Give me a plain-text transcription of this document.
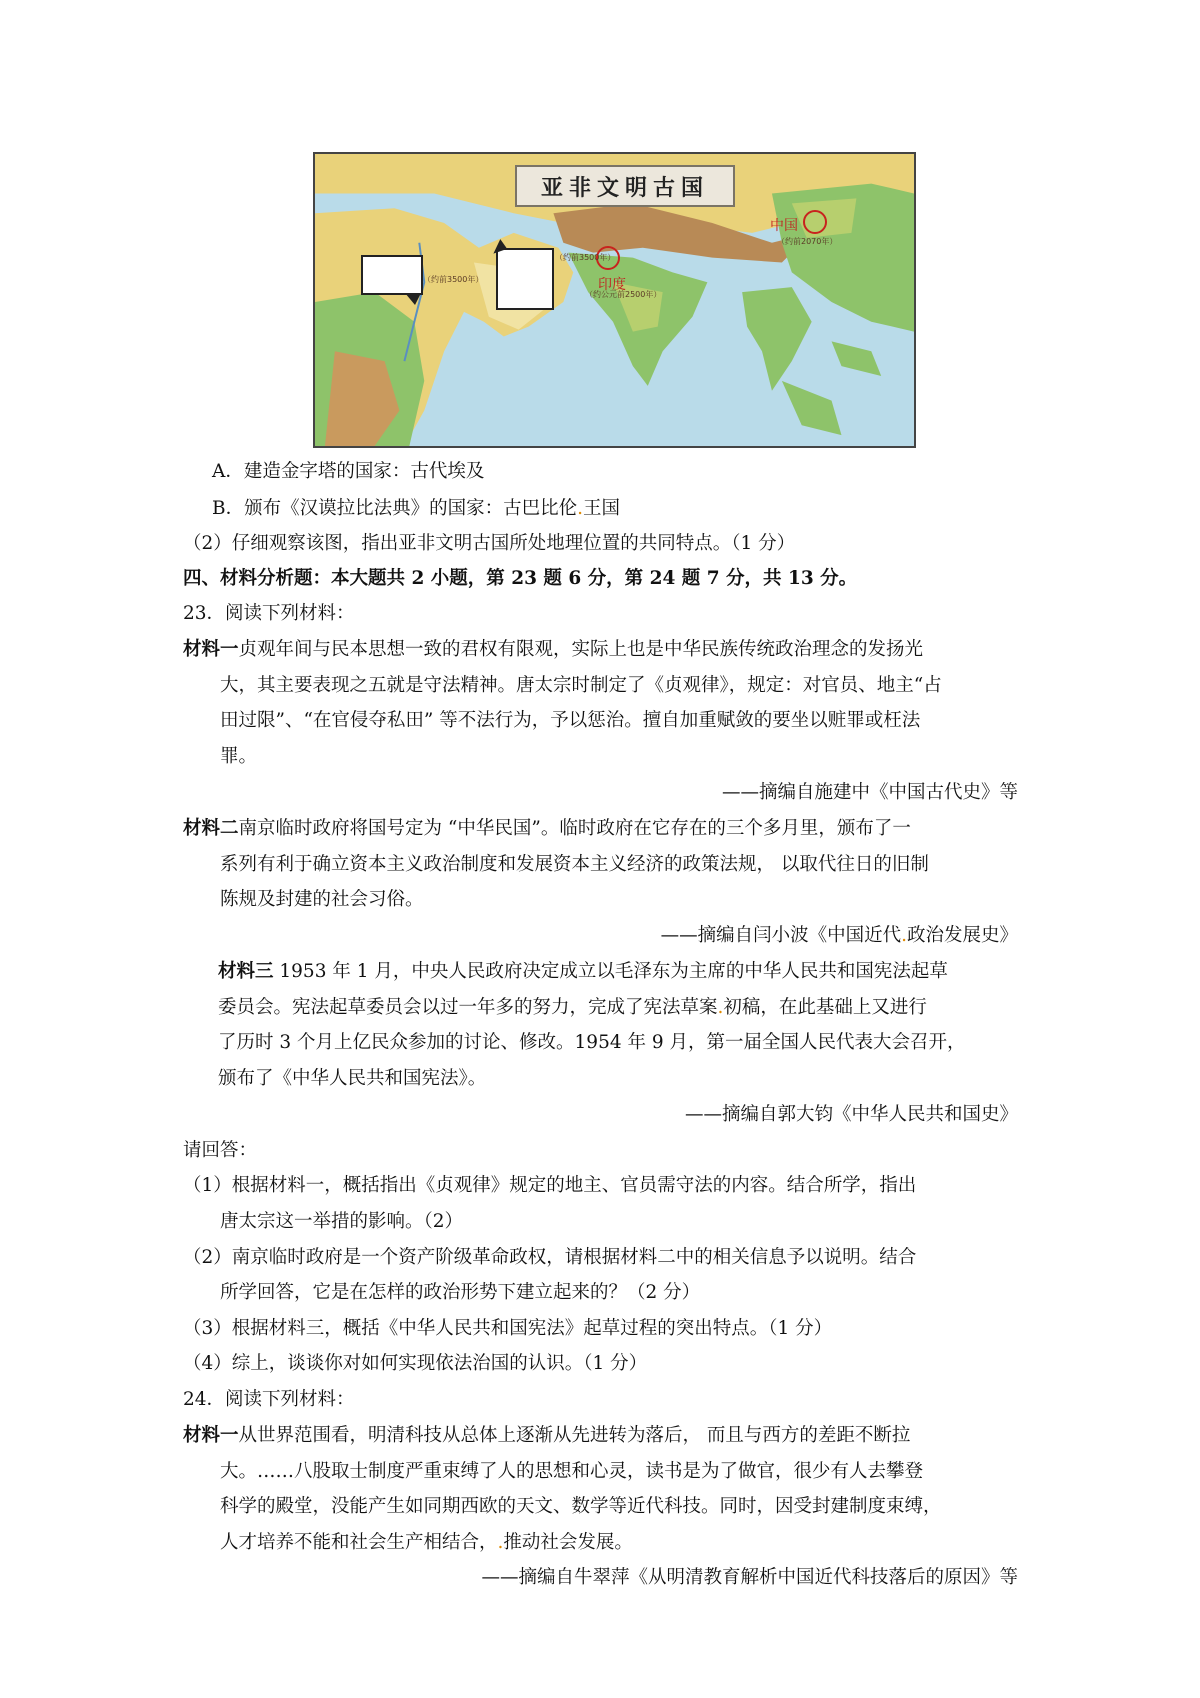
亚非文明古国
中国
印度
（约前2070年）
（约公元前2500年）
（约前3500年）
（约前3500年）
A．建造金字塔的国家：古代埃及
B．颁布《汉谟拉比法典》的国家：古巴比伦.王国
（2）仔细观察该图，指出亚非文明古国所处地理位置的共同特点。（1 分）
四、材料分析题：本大题共 2 小题，第 23 题 6 分，第 24 题 7 分，共 13 分。
23．阅读下列材料：
材料一贞观年间与民本思想一致的君权有限观，实际上也是中华民族传统政治理念的发扬光
大，其主要表现之五就是守法精神。唐太宗时制定了《贞观律》，规定：对官员、地主“占
田过限”、“在官侵夺私田” 等不法行为，予以惩治。擅自加重赋敛的要坐以赃罪或枉法
罪。
——摘编自施建中《中国古代史》等
材料二南京临时政府将国号定为 “中华民国”。临时政府在它存在的三个多月里，颁布了一
系列有利于确立资本主义政治制度和发展资本主义经济的政策法规， 以取代往日的旧制
陈规及封建的社会习俗。
——摘编自闫小波《中国近代.政治发展史》
材料三 1953 年 1 月，中央人民政府决定成立以毛泽东为主席的中华人民共和国宪法起草
委员会。宪法起草委员会以过一年多的努力，完成了宪法草案.初稿，在此基础上又进行
了历时 3 个月上亿民众参加的讨论、修改。1954 年 9 月，第一届全国人民代表大会召开，
颁布了《中华人民共和国宪法》。
——摘编自郭大钧《中华人民共和国史》
请回答：
（1）根据材料一，概括指出《贞观律》规定的地主、官员需守法的内容。结合所学，指出
唐太宗这一举措的影响。（2）
（2）南京临时政府是一个资产阶级革命政权，请根据材料二中的相关信息予以说明。结合
所学回答，它是在怎样的政治形势下建立起来的？（2 分）
（3）根据材料三，概括《中华人民共和国宪法》起草过程的突出特点。（1 分）
（4）综上，谈谈你对如何实现依法治国的认识。（1 分）
24．阅读下列材料：
材料一从世界范围看，明清科技从总体上逐渐从先进转为落后， 而且与西方的差距不断拉
大。……八股取士制度严重束缚了人的思想和心灵，读书是为了做官，很少有人去攀登
科学的殿堂，没能产生如同期西欧的天文、数学等近代科技。同时，因受封建制度束缚，
人才培养不能和社会生产相结合，.推动社会发展。
——摘编自牛翠萍《从明清教育解析中国近代科技落后的原因》等
